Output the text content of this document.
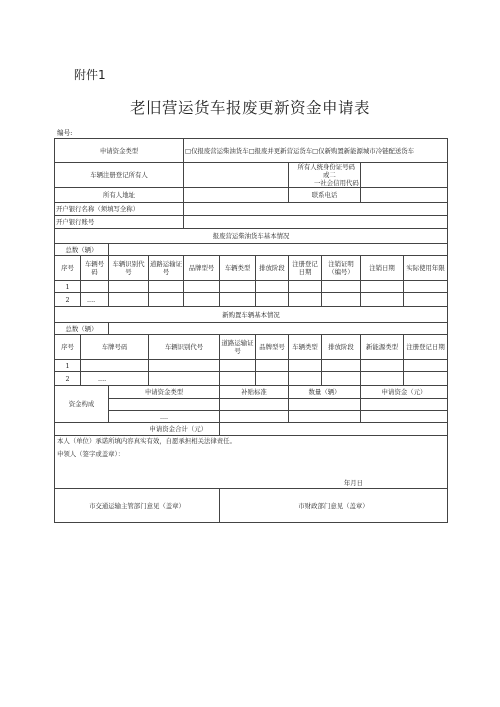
附件1
老旧营运货车报废更新资金申请表
编号:
申请资金类型				□仅报废营运柴油货车□报废并更新营运货车□仅新购置新能源城市冷链配送货车						
车辆注册登记所有人							所有人统 身份证号码或二
一社会信用代码			

所有人地址							联系电话			
开户银行名称（须填写全称）										
开户银行账号										
报废营运柴油货车基本情况										
总数（辆）										
序号	车辆号码	车辆识别代号	道路运输证号	品牌型号	车辆类型	排放阶段	注册登记日期	注销证明（编号）	注销日期	实际使用年限
1										
2	....									
新购置车辆基本情况										
总数（辆）										
序号	车牌号码		车辆识别代号		道路运输证号	品牌型号	车辆类型	排放阶段	新能源类型	注册登记日期
1										
2	....									
资金构成		申请资金类型			补贴标准		数量（辆）		申请资金（元）	

		....								
申请资金合计（元）										

本人（单位）承诺所填内容真实有效，自愿承担相关法律责任。
申领人（签字或盖章）：
年月日										

市交通运输主管部门意见（盖章）					市财政部门意见（盖章）					
